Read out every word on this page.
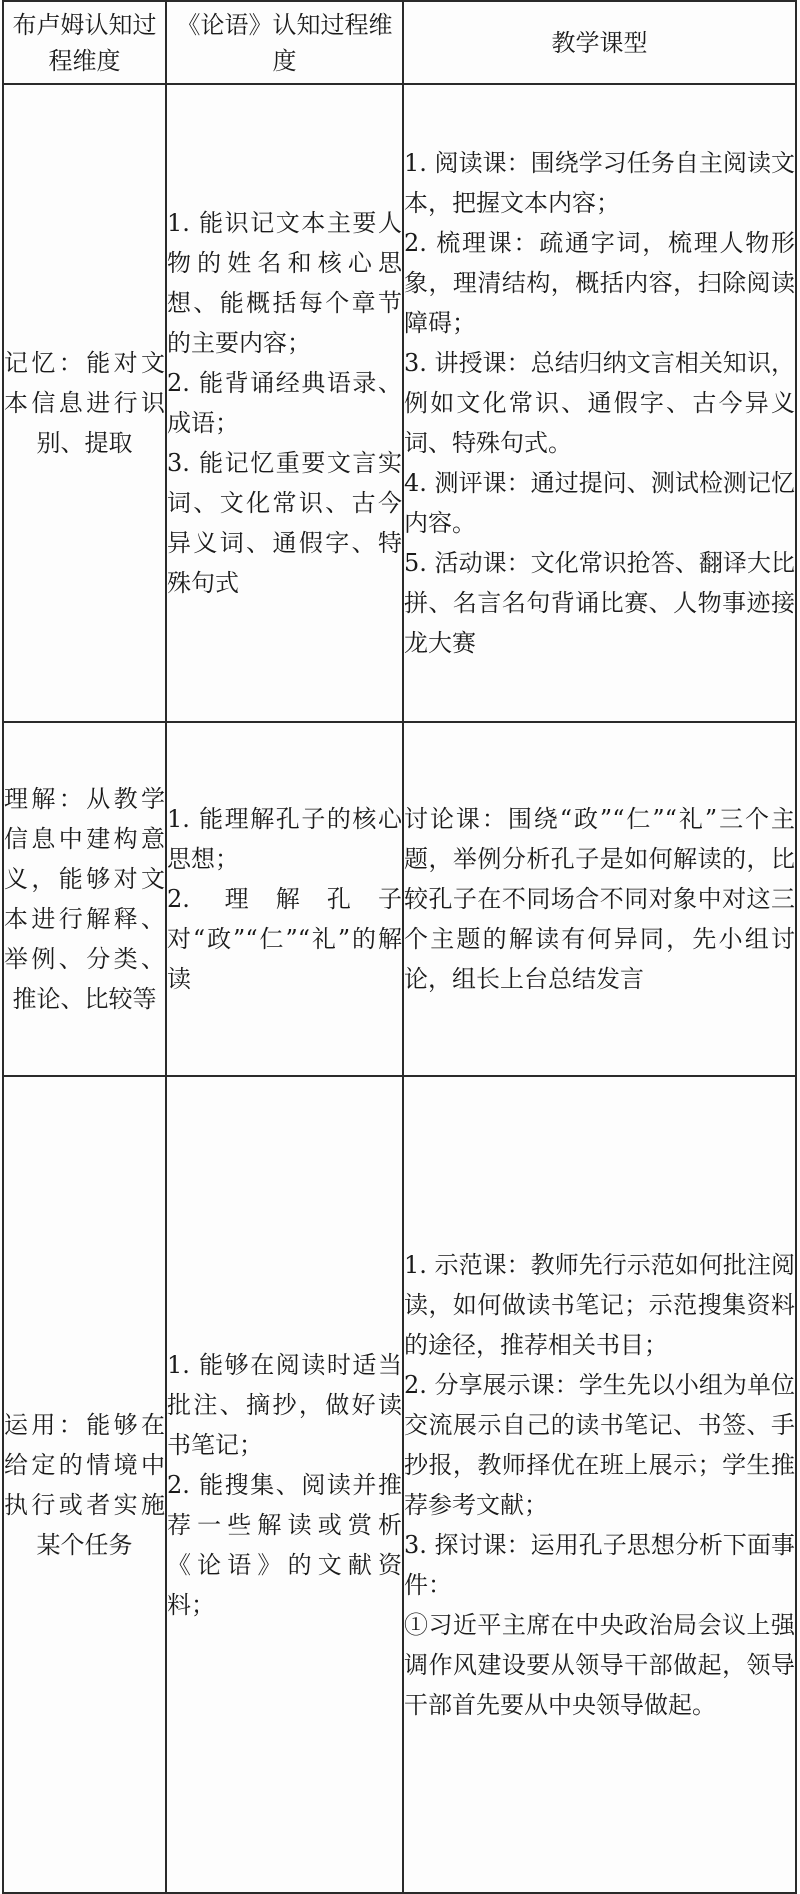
布卢姆认知过程维度	《论语》认知过程维度	教学课型

记忆：能对文本信息进行识别、提取	1. 能识记文本主要人物的姓名和核心思想、能概括每个章节的主要内容；
2. 能背诵经典语录、成语；
3. 能记忆重要文言实词、文化常识、古今异义词、通假字、特殊句式	1. 阅读课：围绕学习任务自主阅读文本，把握文本内容；
2. 梳理课：疏通字词，梳理人物形象，理清结构，概括内容，扫除阅读障碍；
3. 讲授课：总结归纳文言相关知识，例如文化常识、通假字、古今异义词、特殊句式。
4. 测评课：通过提问、测试检测记忆内容。
5. 活动课：文化常识抢答、翻译大比拼、名言名句背诵比赛、人物事迹接龙大赛

理解：从教学信息中建构意义，能够对文本进行解释、举例、分类、推论、比较等	1. 能理解孔子的核心思想；
2. 理解孔子对“政”“仁”“礼”的解读	讨论课：围绕“政”“仁”“礼”三个主题，举例分析孔子是如何解读的，比较孔子在不同场合不同对象中对这三个主题的解读有何异同，先小组讨论，组长上台总结发言

运用：能够在给定的情境中执行或者实施某个任务	1. 能够在阅读时适当批注、摘抄，做好读书笔记；
2. 能搜集、阅读并推荐一些解读或赏析《论语》的文献资料；	1. 示范课：教师先行示范如何批注阅读，如何做读书笔记；示范搜集资料的途径，推荐相关书目；
2. 分享展示课：学生先以小组为单位交流展示自己的读书笔记、书签、手抄报，教师择优在班上展示；学生推荐参考文献；
3. 探讨课：运用孔子思想分析下面事件：
①习近平主席在中央政治局会议上强调作风建设要从领导干部做起，领导干部首先要从中央领导做起。
